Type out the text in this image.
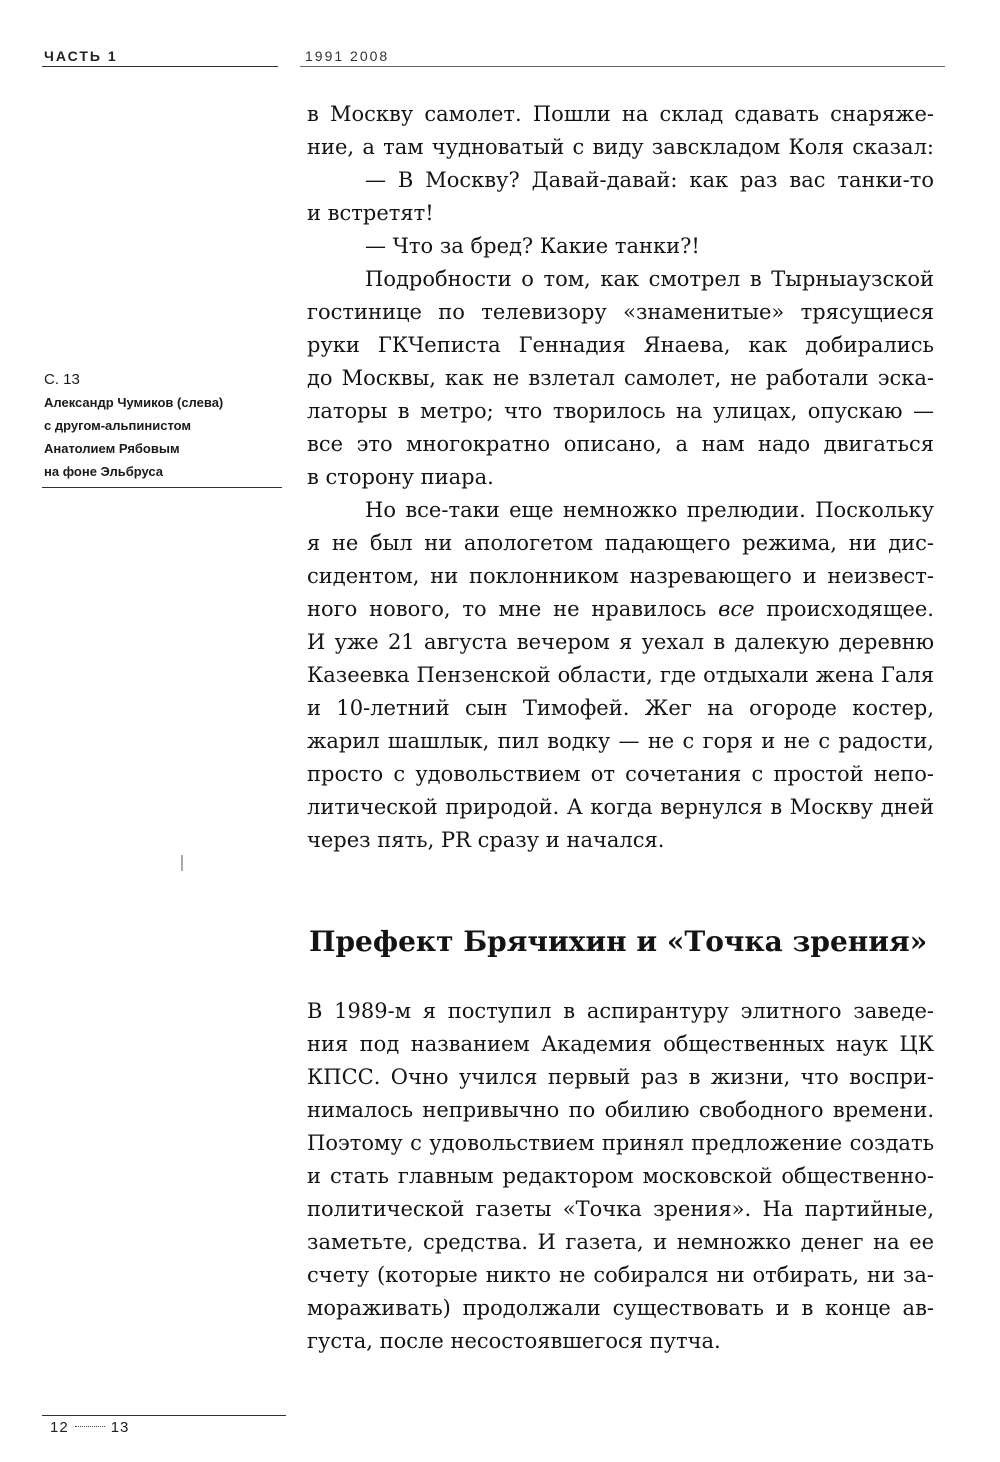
ЧАСТЬ 1	1991 2008
С. 13
Александр Чумиков (слева)
с другом-альпинистом
Анатолием Рябовым
на фоне Эльбруса
в Москву самолет. Пошли на склад сдавать снаряже-
ние, а там чудноватый с виду завскладом Коля сказал:
— В Москву? Давай-давай: как раз вас танки-то
и встретят!
— Что за бред? Какие танки?!
Подробности о том, как смотрел в Тырныаузской
гостинице по телевизору «знаменитые» трясущиеся
руки ГКЧеписта Геннадия Янаева, как добирались
до Москвы, как не взлетал самолет, не работали эска-
латоры в метро; что творилось на улицах, опускаю —
все это многократно описано, а нам надо двигаться
в сторону пиара.
Но все-таки еще немножко прелюдии. Поскольку
я не был ни апологетом падающего режима, ни дис-
сидентом, ни поклонником назревающего и неизвест-
ного нового, то мне не нравилось все происходящее.
И уже 21 августа вечером я уехал в далекую деревню
Казеевка Пензенской области, где отдыхали жена Галя
и 10-летний сын Тимофей. Жег на огороде костер,
жарил шашлык, пил водку — не с горя и не с радости,
просто с удовольствием от сочетания с простой непо-
литической природой. А когда вернулся в Москву дней
через пять, PR сразу и начался.
Префект Брячихин и «Точка зрения»
В 1989-м я поступил в аспирантуру элитного заведе-
ния под названием Академия общественных наук ЦК
КПСС. Очно учился первый раз в жизни, что воспри-
нималось непривычно по обилию свободного времени.
Поэтому с удовольствием принял предложение создать
и стать главным редактором московской общественно-
политической газеты «Точка зрения». На партийные,
заметьте, средства. И газета, и немножко денег на ее
счету (которые никто не собирался ни отбирать, ни за-
мораживать) продолжали существовать и в конце ав-
густа, после несостоявшегося путча.
12	13
